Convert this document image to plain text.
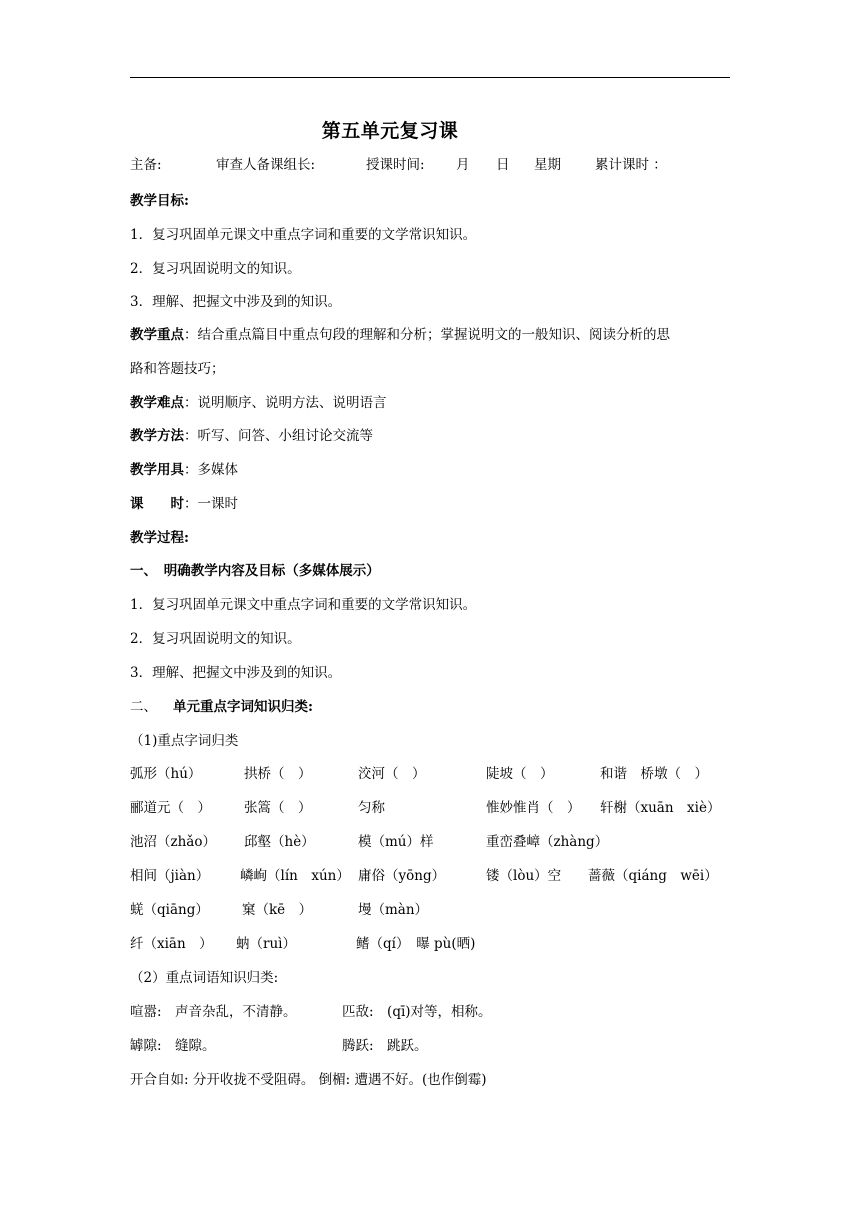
第五单元复习课
主备:	审查人备课组长:	授课时间: 月 日 星期	累计课时 ：
教学目标:
1．复习巩固单元课文中重点字词和重要的文学常识知识。
2．复习巩固说明文的知识。
3．理解、把握文中涉及到的知识。
教学重点：结合重点篇目中重点句段的理解和分析；掌握说明文的一般知识、阅读分析的思
路和答题技巧；
教学难点：说明顺序、说明方法、说明语言
教学方法：听写、问答、小组讨论交流等
教学用具：多媒体
课　　时：一课时
教学过程:
一、　明确教学内容及目标（多媒体展示）
1．复习巩固单元课文中重点字词和重要的文学常识知识。
2．复习巩固说明文的知识。
3．理解、把握文中涉及到的知识。
二、 单元重点字词知识归类:
（1)重点字词归类
弧形（hú）	拱桥（　）	洨河（　）	陡坡（　）	和谐　桥墩（　）
郦道元（　） 张篙（　）	匀称	惟妙惟肖（　） 轩榭（xuān　xiè）
池沼（zhǎo） 邱壑（hè）	模（mú）样	重峦叠嶂（zhàng）
相间（jiàn） 嶙峋（lín　xún） 庸俗（yōng）	镂（lòu）空 蔷薇（qiáng　wēi）
蜣（qiāng） 窠（kē　）	墁（màn）
纤（xiān　） 蚋（ruì）	鳍（qí）　曝 pù(晒)
（2）重点词语知识归类:
喧嚣:　声音杂乱，不清静。	匹敌:　(qī)对等，相称。
罅隙:　缝隙。	腾跃:　跳跃。
开合自如: 分开收拢不受阻碍。 倒楣: 遭遇不好。(也作倒霉)
